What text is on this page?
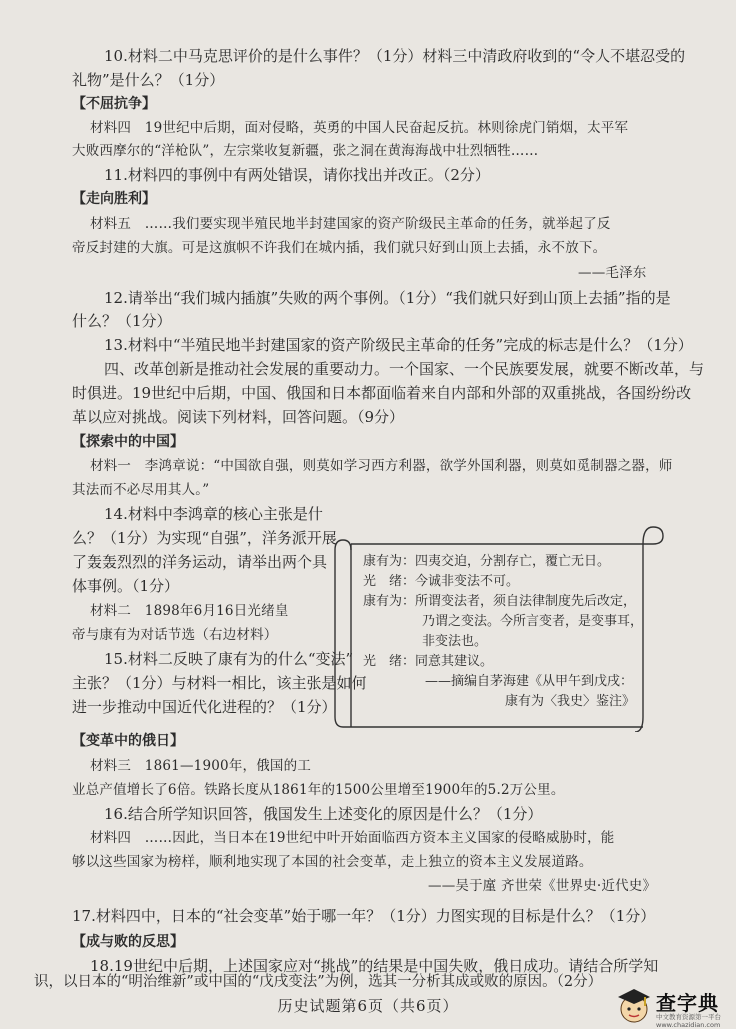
10.材料二中马克思评价的是什么事件？（1分）材料三中清政府收到的“令人不堪忍受的
礼物”是什么？（1分）
【不屈抗争】
材料四　19世纪中后期，面对侵略，英勇的中国人民奋起反抗。林则徐虎门销烟，太平军
大败西摩尔的“洋枪队”，左宗棠收复新疆，张之洞在黄海海战中壮烈牺牲……
11.材料四的事例中有两处错误，请你找出并改正。（2分）
【走向胜利】
材料五　……我们要实现半殖民地半封建国家的资产阶级民主革命的任务，就举起了反
帝反封建的大旗。可是这旗帜不许我们在城内插，我们就只好到山顶上去插，永不放下。
——毛泽东
12.请举出“我们城内插旗”失败的两个事例。（1分）“我们就只好到山顶上去插”指的是
什么？（1分）
13.材料中“半殖民地半封建国家的资产阶级民主革命的任务”完成的标志是什么？（1分）
四、改革创新是推动社会发展的重要动力。一个国家、一个民族要发展，就要不断改革，与
时俱进。19世纪中后期，中国、俄国和日本都面临着来自内部和外部的双重挑战，各国纷纷改
革以应对挑战。阅读下列材料，回答问题。（9分）
【探索中的中国】
材料一　李鸿章说：“中国欲自强，则莫如学习西方利器，欲学外国利器，则莫如觅制器之器，师
其法而不必尽用其人。”
14.材料中李鸿章的核心主张是什
么？（1分）为实现“自强”，洋务派开展
了轰轰烈烈的洋务运动，请举出两个具
体事例。（1分）
材料二　1898年6月16日光绪皇
帝与康有为对话节选（右边材料）
15.材料二反映了康有为的什么“变法”
主张？（1分）与材料一相比，该主张是如何
进一步推动中国近代化进程的？（1分）
康有为：四夷交迫，分割存亡，覆亡无日。
光　绪：今诚非变法不可。
康有为：所谓变法者，须自法律制度先后改定，
乃谓之变法。今所言变者，是变事耳，
非变法也。
光　绪：同意其建议。
——摘编自茅海建《从甲午到戊戌：
康有为〈我史〉鉴注》
【变革中的俄日】
材料三　1861—1900年，俄国的工
业总产值增长了6倍。铁路长度从1861年的1500公里增至1900年的5.2万公里。
16.结合所学知识回答，俄国发生上述变化的原因是什么？（1分）
材料四　……因此，当日本在19世纪中叶开始面临西方资本主义国家的侵略威胁时，能
够以这些国家为榜样，顺利地实现了本国的社会变革，走上独立的资本主义发展道路。
——吴于廑 齐世荣《世界史·近代史》
17.材料四中，日本的“社会变革”始于哪一年？（1分）力图实现的目标是什么？（1分）
【成与败的反思】
18.19世纪中后期，上述国家应对“挑战”的结果是中国失败，俄日成功。请结合所学知
识，以日本的“明治维新”或中国的“戊戌变法”为例，选其一分析其成或败的原因。（2分）
历史试题第6页（共6页）	查字典
中文教育资源第一平台 www.chazidian.com
